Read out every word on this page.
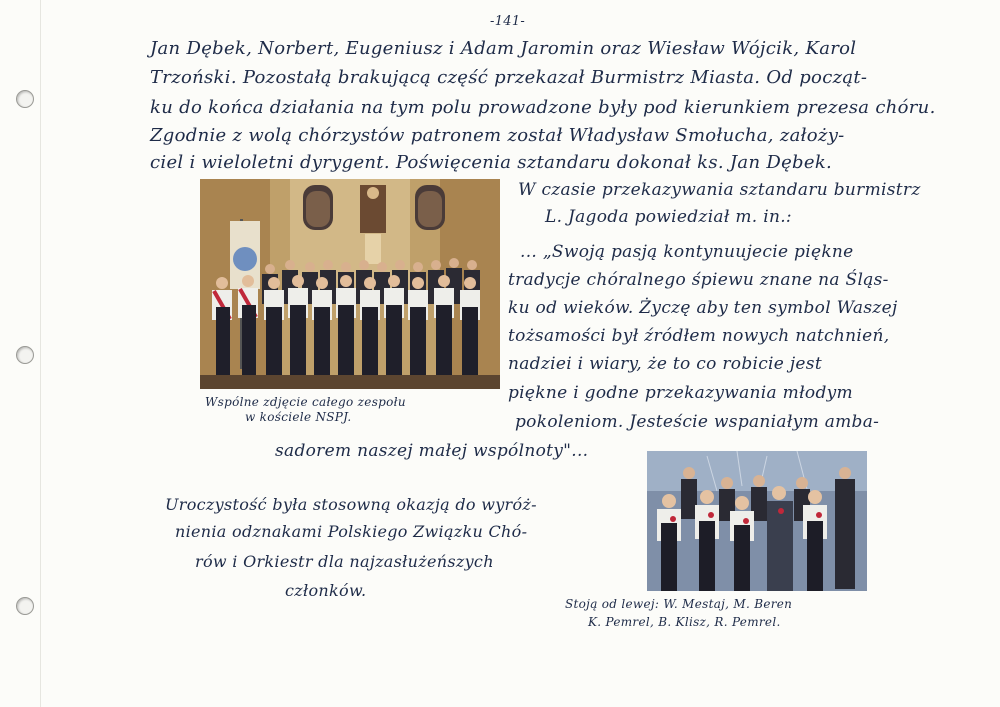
-141-
Jan Dębek, Norbert, Eugeniusz i Adam Jaromin oraz Wiesław Wójcik, Karol
Trzoński. Pozostałą brakującą część przekazał Burmistrz Miasta. Od począt-
ku do końca działania na tym polu prowadzone były pod kierunkiem prezesa chóru.
Zgodnie z wolą chórzystów patronem został Władysław Smołucha, założy-
ciel i wieloletni dyrygent. Poświęcenia sztandaru dokonał ks. Jan Dębek.
Wspólne zdjęcie całego zespołu
w kościele NSPJ.
W czasie przekazywania sztandaru burmistrz
L. Jagoda powiedział m. in.:
... „Swoją pasją kontynuujecie piękne
tradycje chóralnego śpiewu znane na Śląs-
ku od wieków. Życzę aby ten symbol Waszej
tożsamości był źródłem nowych natchnień,
nadziei i wiary, że to co robicie jest
piękne i godne przekazywania młodym
pokoleniom. Jesteście wspaniałym amba-
sadorem naszej małej wspólnoty"...
Uroczystość była stosowną okazją do wyróż-
nienia odznakami Polskiego Związku Chó-
rów i Orkiestr dla najzasłużeńszych
członków.
Stoją od lewej: W. Mestaj, M. Beren
K. Pemrel, B. Klisz, R. Pemrel.
